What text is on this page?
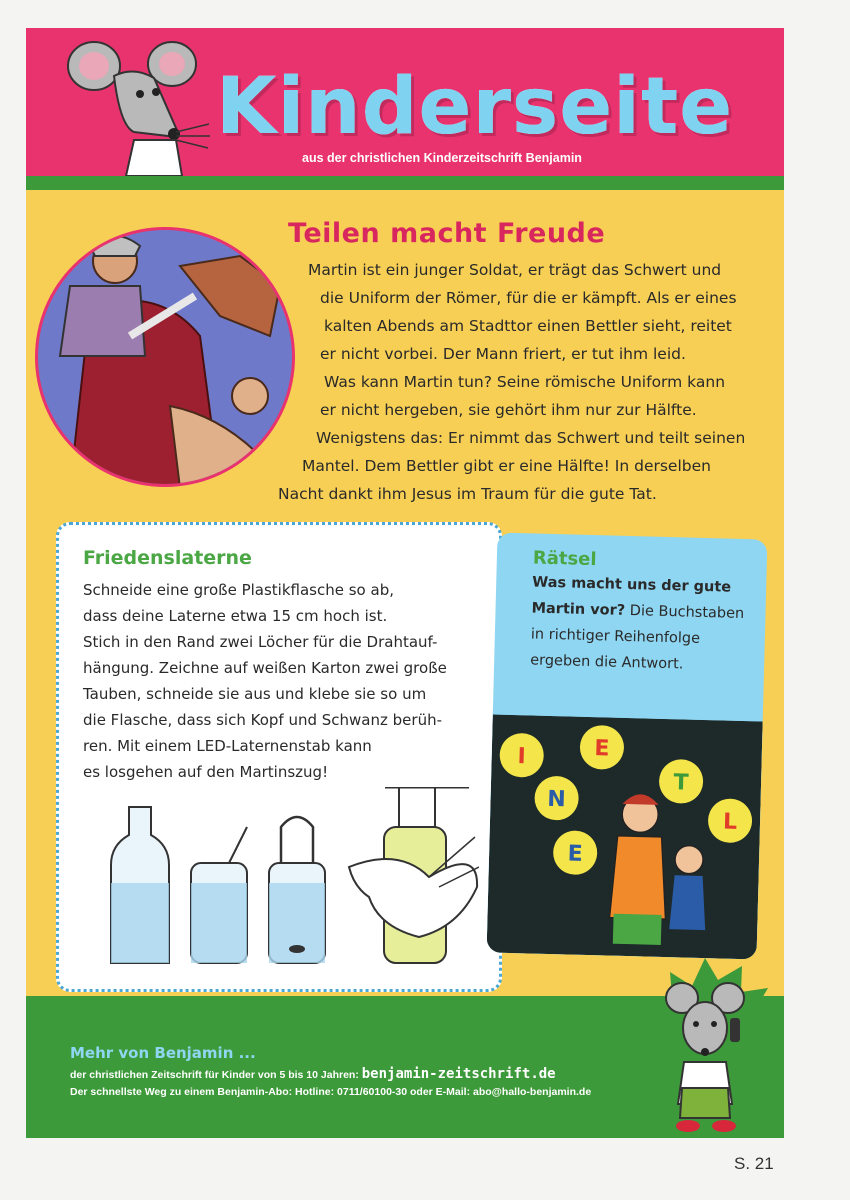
Kinderseite
aus der christlichen Kinderzeitschrift Benjamin
Teilen macht Freude
Martin ist ein junger Soldat, er trägt das Schwert und
die Uniform der Römer, für die er kämpft. Als er eines
kalten Abends am Stadttor einen Bettler sieht, reitet
er nicht vorbei. Der Mann friert, er tut ihm leid.
Was kann Martin tun? Seine römische Uniform kann
er nicht hergeben, sie gehört ihm nur zur Hälfte.
Wenigstens das: Er nimmt das Schwert und teilt seinen
Mantel. Dem Bettler gibt er eine Hälfte! In derselben
Nacht dankt ihm Jesus im Traum für die gute Tat.
Friedenslaterne
Schneide eine große Plastikflasche so ab,
dass deine Laterne etwa 15 cm hoch ist.
Stich in den Rand zwei Löcher für die Drahtauf-
hängung. Zeichne auf weißen Karton zwei große
Tauben, schneide sie aus und klebe sie so um
die Flasche, dass sich Kopf und Schwanz berüh-
ren. Mit einem LED-Laternenstab kann
es losgehen auf den Martinszug!
Rätsel
Was macht uns der gute
Martin vor? Die Buchstaben
in richtiger Reihenfolge
ergeben die Antwort.
E
T
I
N
L
E
Mehr von Benjamin ...
der christlichen Zeitschrift für Kinder von 5 bis 10 Jahren: benjamin-zeitschrift.de
Der schnellste Weg zu einem Benjamin-Abo: Hotline: 0711/60100-30 oder E-Mail: abo@hallo-benjamin.de
S. 21
